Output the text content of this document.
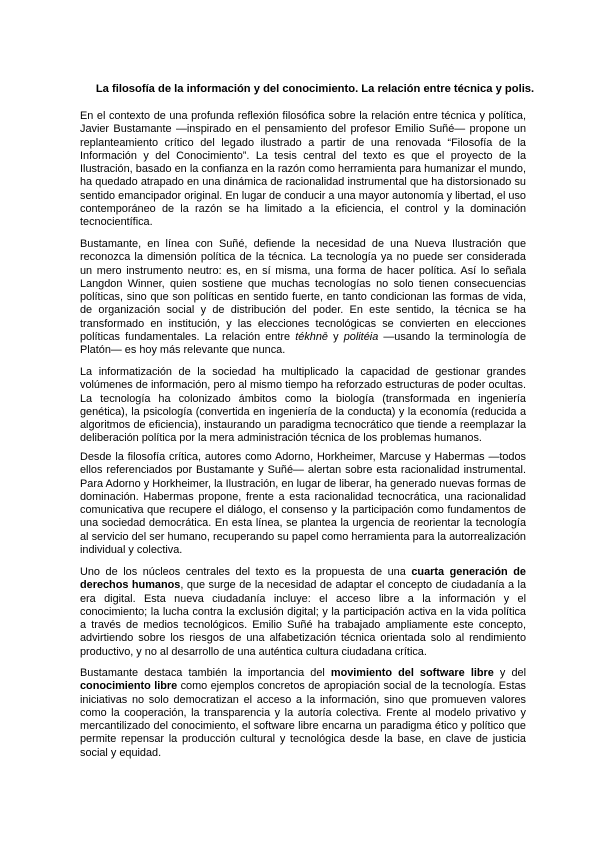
La filosofía de la información y del conocimiento. La relación entre técnica y polis.

En el contexto de una profunda reflexión filosófica sobre la relación entre técnica y política, Javier Bustamante —inspirado en el pensamiento del profesor Emilio Suñé— propone un replanteamiento crítico del legado ilustrado a partir de una renovada “Filosofía de la Información y del Conocimiento”. La tesis central del texto es que el proyecto de la Ilustración, basado en la confianza en la razón como herramienta para humanizar el mundo, ha quedado atrapado en una dinámica de racionalidad instrumental que ha distorsionado su sentido emancipador original. En lugar de conducir a una mayor autonomía y libertad, el uso contemporáneo de la razón se ha limitado a la eficiencia, el control y la dominación tecnocientífica.

Bustamante, en línea con Suñé, defiende la necesidad de una Nueva Ilustración que reconozca la dimensión política de la técnica. La tecnología ya no puede ser considerada un mero instrumento neutro: es, en sí misma, una forma de hacer política. Así lo señala Langdon Winner, quien sostiene que muchas tecnologías no solo tienen consecuencias políticas, sino que son políticas en sentido fuerte, en tanto condicionan las formas de vida, de organización social y de distribución del poder. En este sentido, la técnica se ha transformado en institución, y las elecciones tecnológicas se convierten en elecciones políticas fundamentales. La relación entre tékhnē y politéia —usando la terminología de Platón— es hoy más relevante que nunca.

La informatización de la sociedad ha multiplicado la capacidad de gestionar grandes volúmenes de información, pero al mismo tiempo ha reforzado estructuras de poder ocultas. La tecnología ha colonizado ámbitos como la biología (transformada en ingeniería genética), la psicología (convertida en ingeniería de la conducta) y la economía (reducida a algoritmos de eficiencia), instaurando un paradigma tecnocrático que tiende a reemplazar la deliberación política por la mera administración técnica de los problemas humanos.

Desde la filosofía crítica, autores como Adorno, Horkheimer, Marcuse y Habermas —todos ellos referenciados por Bustamante y Suñé— alertan sobre esta racionalidad instrumental. Para Adorno y Horkheimer, la Ilustración, en lugar de liberar, ha generado nuevas formas de dominación. Habermas propone, frente a esta racionalidad tecnocrática, una racionalidad comunicativa que recupere el diálogo, el consenso y la participación como fundamentos de una sociedad democrática. En esta línea, se plantea la urgencia de reorientar la tecnología al servicio del ser humano, recuperando su papel como herramienta para la autorrealización individual y colectiva.

Uno de los núcleos centrales del texto es la propuesta de una cuarta generación de derechos humanos, que surge de la necesidad de adaptar el concepto de ciudadanía a la era digital. Esta nueva ciudadanía incluye: el acceso libre a la información y el conocimiento; la lucha contra la exclusión digital; y la participación activa en la vida política a través de medios tecnológicos. Emilio Suñé ha trabajado ampliamente este concepto, advirtiendo sobre los riesgos de una alfabetización técnica orientada solo al rendimiento productivo, y no al desarrollo de una auténtica cultura ciudadana crítica.

Bustamante destaca también la importancia del movimiento del software libre y del conocimiento libre como ejemplos concretos de apropiación social de la tecnología. Estas iniciativas no solo democratizan el acceso a la información, sino que promueven valores como la cooperación, la transparencia y la autoría colectiva. Frente al modelo privativo y mercantilizado del conocimiento, el software libre encarna un paradigma ético y político que permite repensar la producción cultural y tecnológica desde la base, en clave de justicia social y equidad.
